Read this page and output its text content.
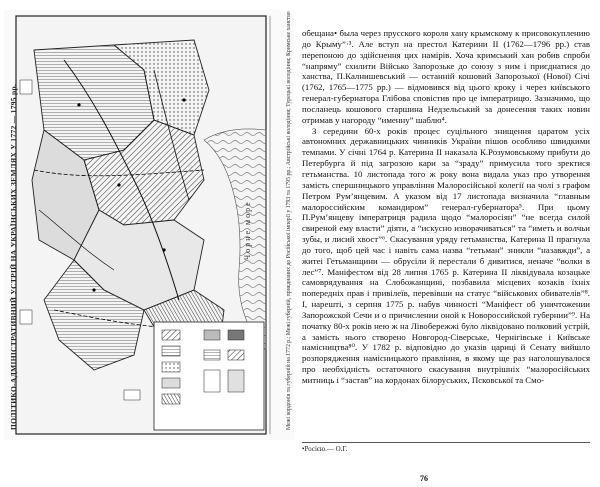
ПОЛІТИКО-АДМІНІСТРАТИВНИЙ УСТРІЙ НА УКРАЇНСЬКИХ ЗЕМЛЯХ У 1772 — 1795 рр.	Межі кордонів та губерній на 1772 р.; Межі губерній, приєднаних до Російської імперії у 1793 та 1795 рр.; Австрійські володіння; Турецькі володіння; Кримське ханство
Чорне море

обещана• была через прусского короля хану крымскому к присовокуплению до Крыму”·³. Але вступ на престол Катерини II (1762—1796 рр.) став перепоною до здійснення цих намірів. Хоча кримський хан робив спроби “напряму” схилити Військо Запорозьке до союзу з ним і приєднатися до ханства, П.Калнишевський — останній кошовий Запорозької (Нової) Січі (1762, 1765—1775 рр.) — відмовився від цього кроку і через київського генерал-губернатора Глібова сповістив про це імператрицю. Зазначимо, що посланець кошового старшина Недзельський за донесення таких новин отримав у нагороду “именну” шаблю⁴.

З середини 60-х років процес суцільного знищення царатом усіх автономних державницьких чинників України пішов особливо швидкими темпами. У січні 1764 р. Катерина II наказала К.Розумовському прибути до Петербурга й під загрозою кари за “зраду” примусила того зректися гетьманства. 10 листопада того ж року вона видала указ про утворення замість спершницького управління Малоросійської колегії на чолі з графом Петром Рум’янцевим. А указом від 17 листопада визначила “главным малороссийским командиром” генерал-губернатора⁵. При цьому П.Рум’янцеву імператриця радила щодо “малоросіян” “не всегда силой свиреной ему власти” діяти, а “искусно изворачиваться” та “иметь и волчьи зубы, и лисий хвост”⁶. Скасування уряду гетьманства, Катерина II прагнула до того, щоб цей час і навіть сама назва “гетьман” зникли “назавжди”, а житеі Гетьманщини — обрусіли й перестали б дивитися, неначе “волки в лес”⁷. Маніфестом від 28 липня 1765 р. Катерина II ліквідувала козацьке самоврядування на Слобожанщині, позбавила місцевих козаків їхніх попередніх прав і привілеїв, перевівши на статус “військових обивателів”⁸. І, нарешті, з серпня 1775 р. набув чинності “Маніфест об уничтожении Запорожской Сечи и о причислении оной к Новороссийской губернии”⁹. На початку 80-х років нею ж на Лівобережжі було ліквідовано полковий устрій, а замість нього створено Новгород-Сіверське, Чернігівське і Київське намісництва⁸⁰. У 1782 р. відповідно до указів цариці й Сенату вийшло розпорядження намісницького правління, в якому ще раз наголошувалося про необхідність остаточного скасування внутрішніх “малоросійських митниць і “застав” на кордонах білоруських, Псковської та Смо-

•Росією.— О.Г.
76
